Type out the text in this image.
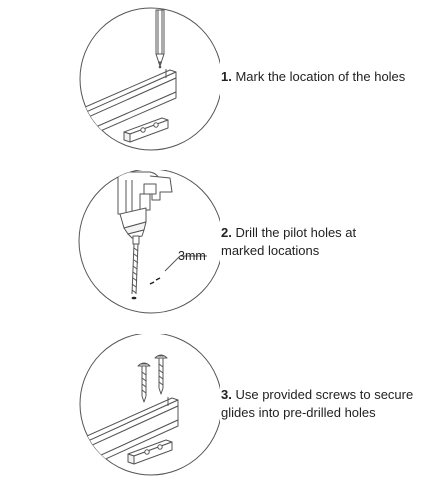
1. Mark the location of the holes
3mm
2. Drill the pilot holes at
marked locations
3. Use provided screws to secure
glides into pre-drilled holes
